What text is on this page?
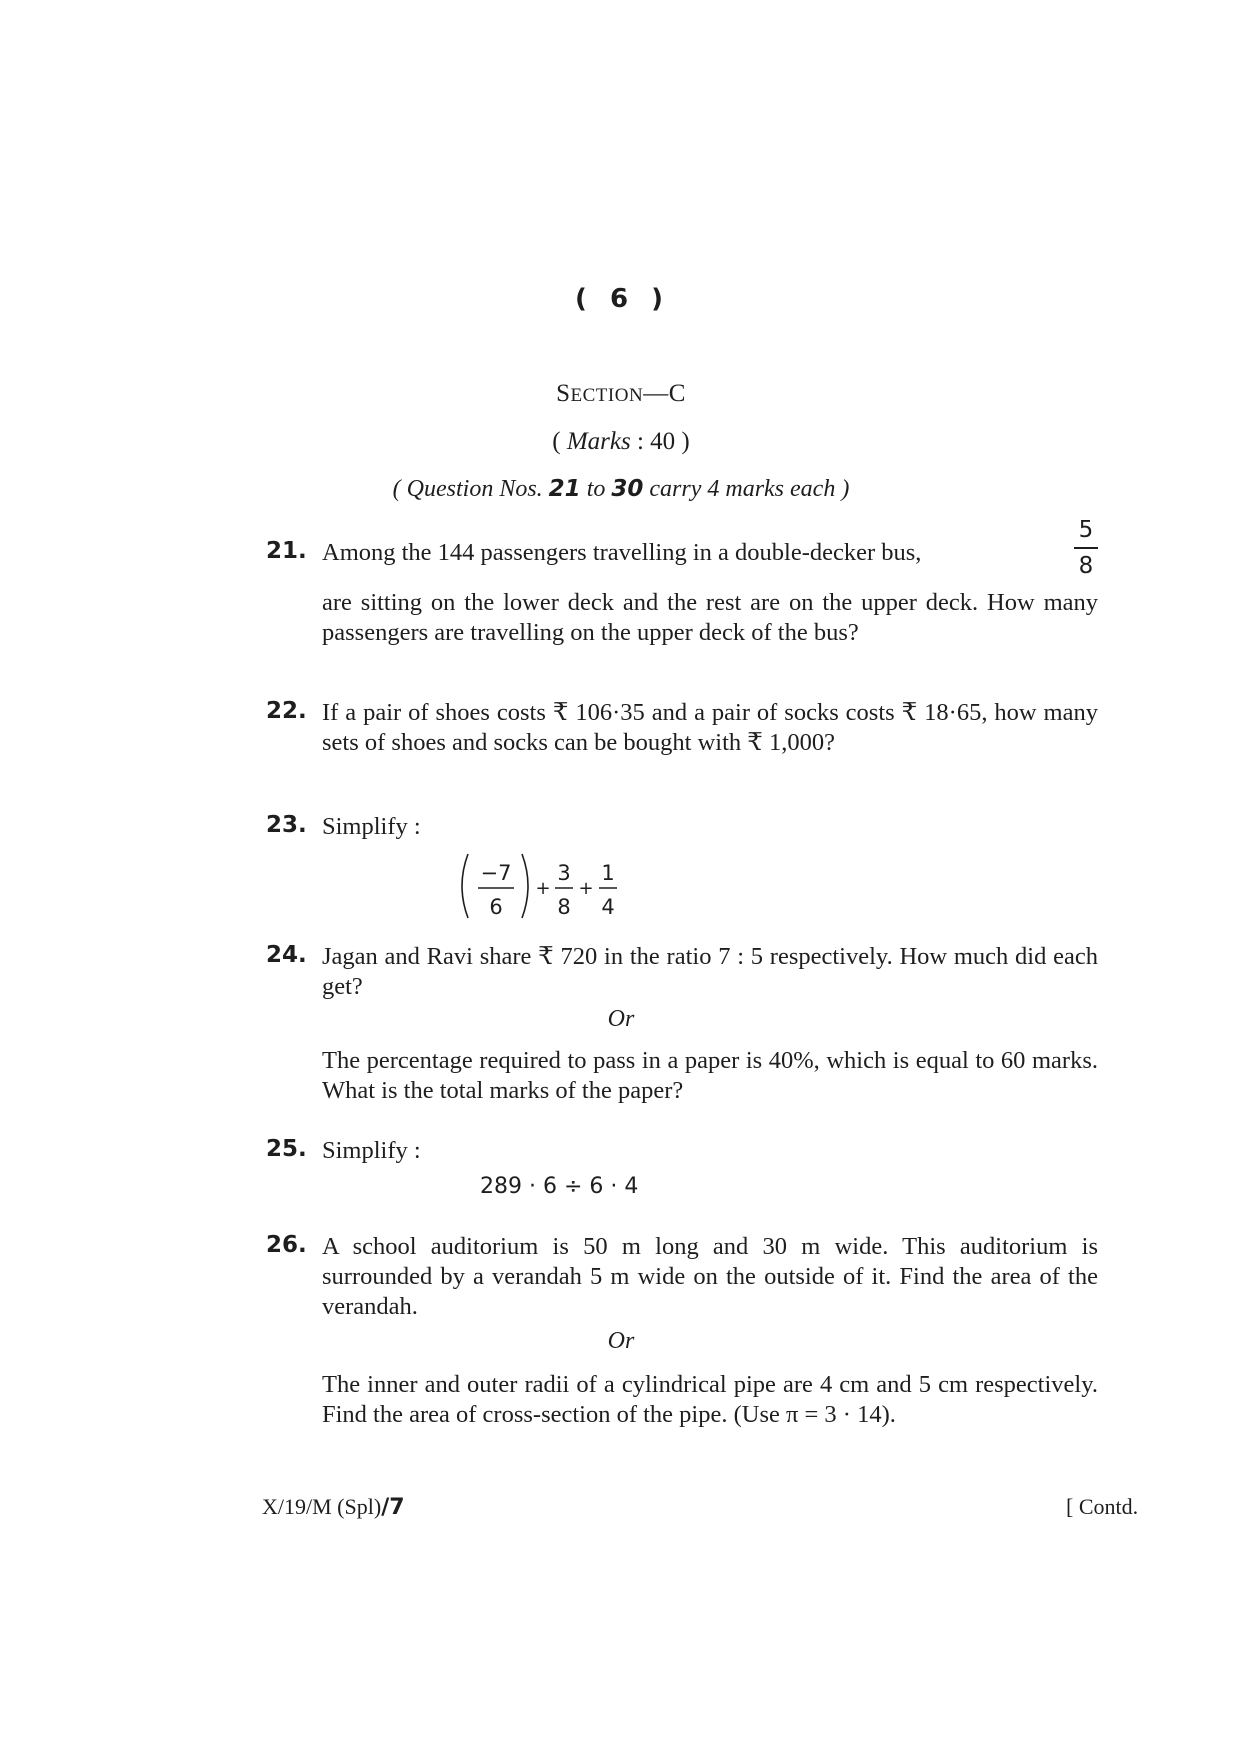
( 6 )
SECTION—C
( Marks : 40 )
( Question Nos. 21 to 30 carry 4 marks each )
21. Among the 144 passengers travelling in a double-decker bus,
5
8
are sitting on the lower deck and the rest are on the upper deck. How many passengers are travelling on the upper deck of the bus?
22. If a pair of shoes costs ₹ 106·35 and a pair of socks costs ₹ 18·65, how many sets of shoes and socks can be bought with ₹ 1,000?
23. Simplify :
−7
6
+
3
8
+
1
4
24. Jagan and Ravi share ₹ 720 in the ratio 7 : 5 respectively. How much did each get?
Or
The percentage required to pass in a paper is 40%, which is equal to 60 marks. What is the total marks of the paper?
25. Simplify :
289 · 6 ÷ 6 · 4
26. A school auditorium is 50 m long and 30 m wide. This auditorium is surrounded by a verandah 5 m wide on the outside of it. Find the area of the verandah.
Or
The inner and outer radii of a cylindrical pipe are 4 cm and 5 cm respectively. Find the area of cross-section of the pipe. (Use π = 3 · 14).
X/19/M (Spl)/7	[ Contd.
